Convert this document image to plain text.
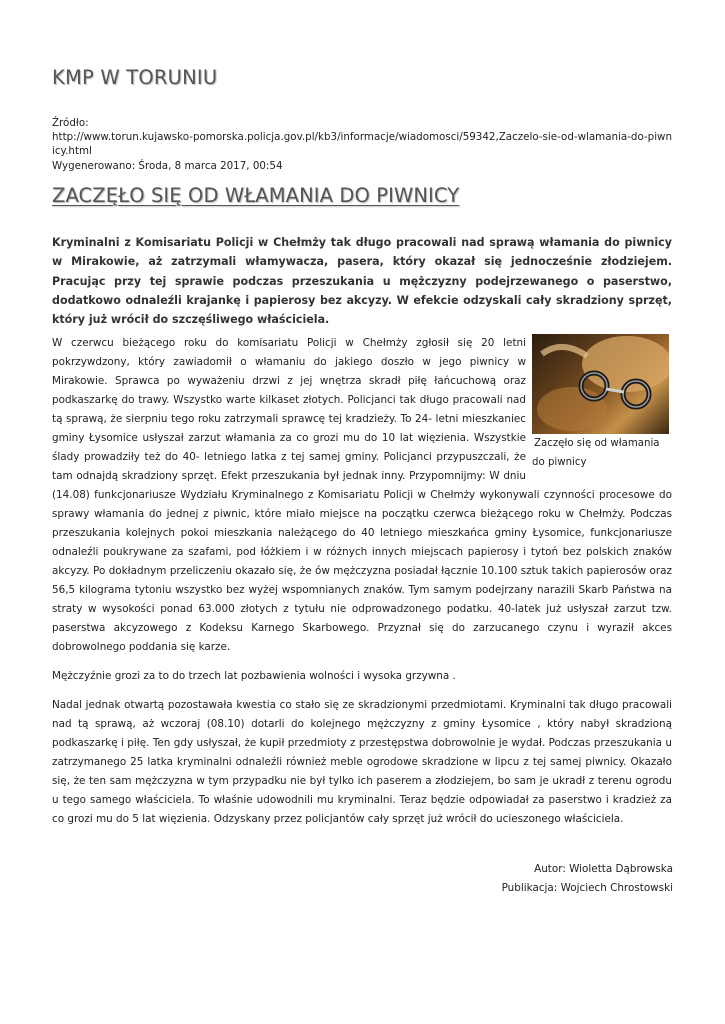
KMP W TORUNIU
Źródło:
http://www.torun.kujawsko-pomorska.policja.gov.pl/kb3/informacje/wiadomosci/59342,Zaczelo-sie-od-wlamania-do-piwnicy.html
Wygenerowano: Środa, 8 marca 2017, 00:54
ZACZĘŁO SIĘ OD WŁAMANIA DO PIWNICY

Kryminalni z Komisariatu Policji w Chełmży tak długo pracowali nad sprawą włamania do piwnicy w Mirakowie, aż zatrzymali włamywacza, pasera, który okazał się jednocześnie złodziejem. Pracując przy tej sprawie podczas przeszukania u mężczyzny podejrzewanego o paserstwo, dodatkowo odnaleźli krajankę i papierosy bez akcyzy. W efekcie odzyskali cały skradziony sprzęt, który już wrócił do szczęśliwego właściciela.

Zaczęło się od włamania do piwnicy

W czerwcu bieżącego roku do komisariatu Policji w Chełmży zgłosił się 20 letni pokrzywdzony, który zawiadomił o włamaniu do jakiego doszło w jego piwnicy w Mirakowie. Sprawca po wyważeniu drzwi z jej wnętrza skradł piłę łańcuchową oraz podkaszarkę do trawy. Wszystko warte kilkaset złotych. Policjanci tak długo pracowali nad tą sprawą, że sierpniu tego roku zatrzymali sprawcę tej kradzieży. To 24- letni mieszkaniec gminy Łysomice usłyszał zarzut włamania za co grozi mu do 10 lat więzienia. Wszystkie ślady prowadziły też do 40- letniego latka z tej samej gminy. Policjanci przypuszczali, że tam odnajdą skradziony sprzęt. Efekt przeszukania był jednak inny. Przypomnijmy: W dniu (14.08) funkcjonariusze Wydziału Kryminalnego z Komisariatu Policji w Chełmży wykonywali czynności procesowe do sprawy włamania do jednej z piwnic, które miało miejsce na początku czerwca bieżącego roku w Chełmży. Podczas przeszukania kolejnych pokoi mieszkania należącego do 40 letniego mieszkańca gminy Łysomice, funkcjonariusze odnaleźli poukrywane za szafami, pod łóżkiem i w różnych innych miejscach papierosy i tytoń bez polskich znaków akcyzy. Po dokładnym przeliczeniu okazało się, że ów mężczyzna posiadał łącznie 10.100 sztuk takich papierosów oraz 56,5 kilograma tytoniu wszystko bez wyżej wspomnianych znaków. Tym samym podejrzany narazili Skarb Państwa na straty w wysokości ponad 63.000 złotych z tytułu nie odprowadzonego podatku. 40-latek już usłyszał zarzut tzw. paserstwa akcyzowego z Kodeksu Karnego Skarbowego. Przyznał się do zarzucanego czynu i wyraził akces dobrowolnego poddania się karze.

Mężczyźnie grozi za to do trzech lat pozbawienia wolności i wysoka grzywna .

Nadal jednak otwartą pozostawała kwestia co stało się ze skradzionymi przedmiotami. Kryminalni tak długo pracowali nad tą sprawą, aż wczoraj (08.10) dotarli do kolejnego mężczyzny z gminy Łysomice , który nabył skradzioną podkaszarkę i piłę. Ten gdy usłyszał, że kupił przedmioty z przestępstwa dobrowolnie je wydał. Podczas przeszukania u zatrzymanego 25 latka kryminalni odnaleźli również meble ogrodowe skradzione w lipcu z tej samej piwnicy. Okazało się, że ten sam mężczyzna w tym przypadku nie był tylko ich paserem a złodziejem, bo sam je ukradł z terenu ogrodu u tego samego właściciela. To właśnie udowodnili mu kryminalni. Teraz będzie odpowiadał za paserstwo i kradzież za co grozi mu do 5 lat więzienia. Odzyskany przez policjantów cały sprzęt już wrócił do ucieszonego właściciela.

Autor: Wioletta Dąbrowska
Publikacja: Wojciech Chrostowski
